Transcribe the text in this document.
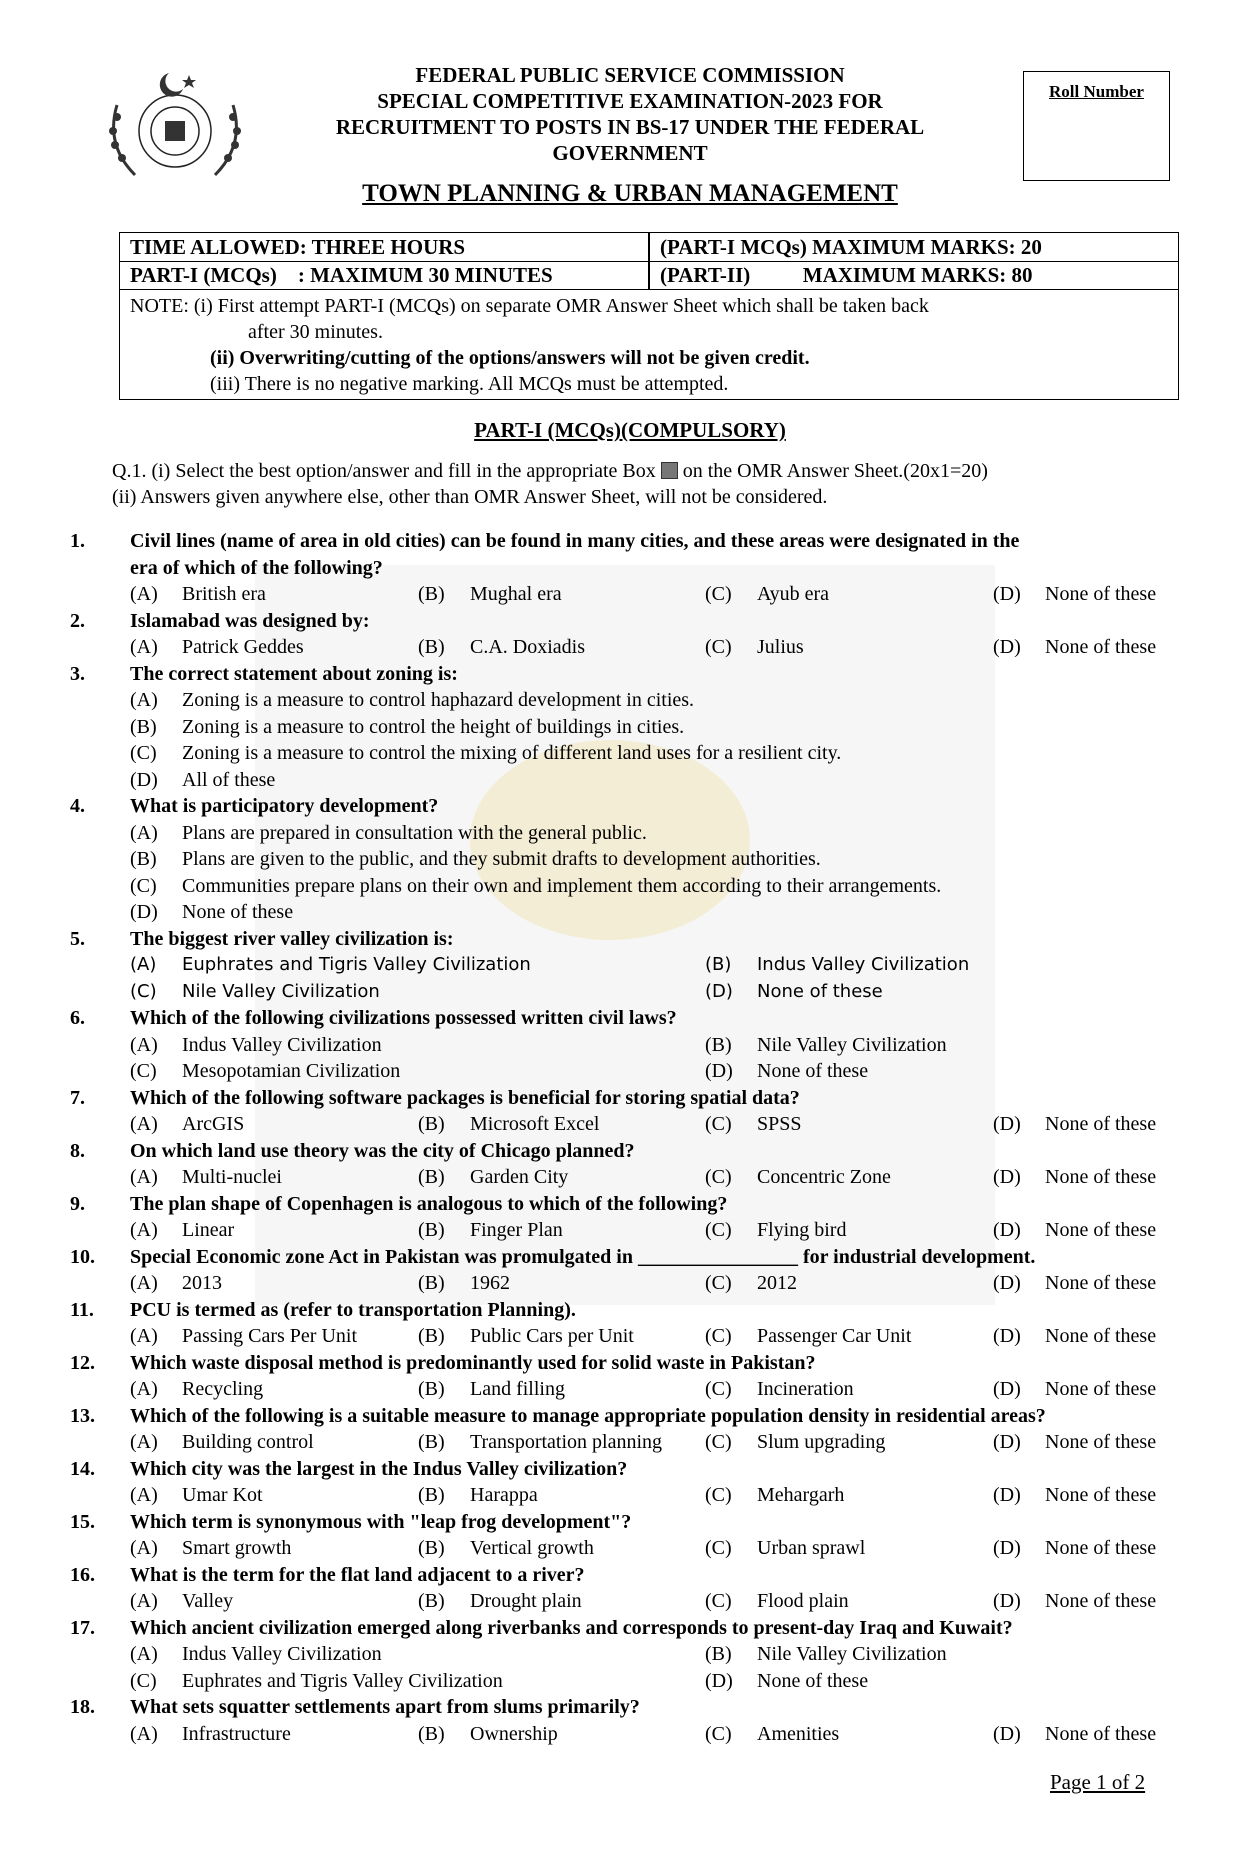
FEDERAL PUBLIC SERVICE COMMISSION
SPECIAL COMPETITIVE EXAMINATION-2023 FOR
RECRUITMENT TO POSTS IN BS-17 UNDER THE FEDERAL
GOVERNMENT
Roll Number
TOWN PLANNING & URBAN MANAGEMENT
TIME ALLOWED: THREE HOURS	(PART-I MCQs) MAXIMUM MARKS: 20
PART-I (MCQs)    : MAXIMUM 30 MINUTES	(PART-II)          MAXIMUM MARKS: 80
NOTE: (i) First attempt PART-I (MCQs) on separate OMR Answer Sheet which shall be taken back
after 30 minutes.
(ii) Overwriting/cutting of the options/answers will not be given credit.
(iii) There is no negative marking. All MCQs must be attempted.
PART-I (MCQs)(COMPULSORY)
Q.1. (i) Select the best option/answer and fill in the appropriate Box on the OMR Answer Sheet.(20x1=20)
(ii) Answers given anywhere else, other than OMR Answer Sheet, will not be considered.
1. Civil lines (name of area in old cities) can be found in many cities, and these areas were designated in the
era of which of the following?
(A) British era	(B) Mughal era	(C) Ayub era	(D) None of these
2. Islamabad was designed by:
(A) Patrick Geddes	(B) C.A. Doxiadis	(C) Julius	(D) None of these
3. The correct statement about zoning is:
(A) Zoning is a measure to control haphazard development in cities.
(B) Zoning is a measure to control the height of buildings in cities.
(C) Zoning is a measure to control the mixing of different land uses for a resilient city.
(D) All of these
4. What is participatory development?
(A) Plans are prepared in consultation with the general public.
(B) Plans are given to the public, and they submit drafts to development authorities.
(C) Communities prepare plans on their own and implement them according to their arrangements.
(D) None of these
5. The biggest river valley civilization is:
(A) Euphrates and Tigris Valley Civilization	(B) Indus Valley Civilization
(C) Nile Valley Civilization	(D) None of these
6. Which of the following civilizations possessed written civil laws?
(A) Indus Valley Civilization	(B) Nile Valley Civilization
(C) Mesopotamian Civilization	(D) None of these
7. Which of the following software packages is beneficial for storing spatial data?
(A) ArcGIS	(B) Microsoft Excel	(C) SPSS	(D) None of these
8. On which land use theory was the city of Chicago planned?
(A) Multi-nuclei	(B) Garden City	(C) Concentric Zone	(D) None of these
9. The plan shape of Copenhagen is analogous to which of the following?
(A) Linear	(B) Finger Plan	(C) Flying bird	(D) None of these
10. Special Economic zone Act in Pakistan was promulgated in ________________ for industrial development.
(A) 2013	(B) 1962	(C) 2012	(D) None of these
11. PCU is termed as (refer to transportation Planning).
(A) Passing Cars Per Unit	(B) Public Cars per Unit	(C) Passenger Car Unit	(D) None of these
12. Which waste disposal method is predominantly used for solid waste in Pakistan?
(A) Recycling	(B) Land filling	(C) Incineration	(D) None of these
13. Which of the following is a suitable measure to manage appropriate population density in residential areas?
(A) Building control	(B) Transportation planning (C) Slum upgrading	(D) None of these
14. Which city was the largest in the Indus Valley civilization?
(A) Umar Kot	(B) Harappa	(C) Mehargarh	(D) None of these
15. Which term is synonymous with "leap frog development"?
(A) Smart growth	(B) Vertical growth	(C) Urban sprawl	(D) None of these
16. What is the term for the flat land adjacent to a river?
(A) Valley	(B) Drought plain	(C) Flood plain	(D) None of these
17. Which ancient civilization emerged along riverbanks and corresponds to present-day Iraq and Kuwait?
(A) Indus Valley Civilization	(B) Nile Valley Civilization
(C) Euphrates and Tigris Valley Civilization	(D) None of these
18. What sets squatter settlements apart from slums primarily?
(A) Infrastructure	(B) Ownership	(C) Amenities	(D) None of these
Page 1 of 2
